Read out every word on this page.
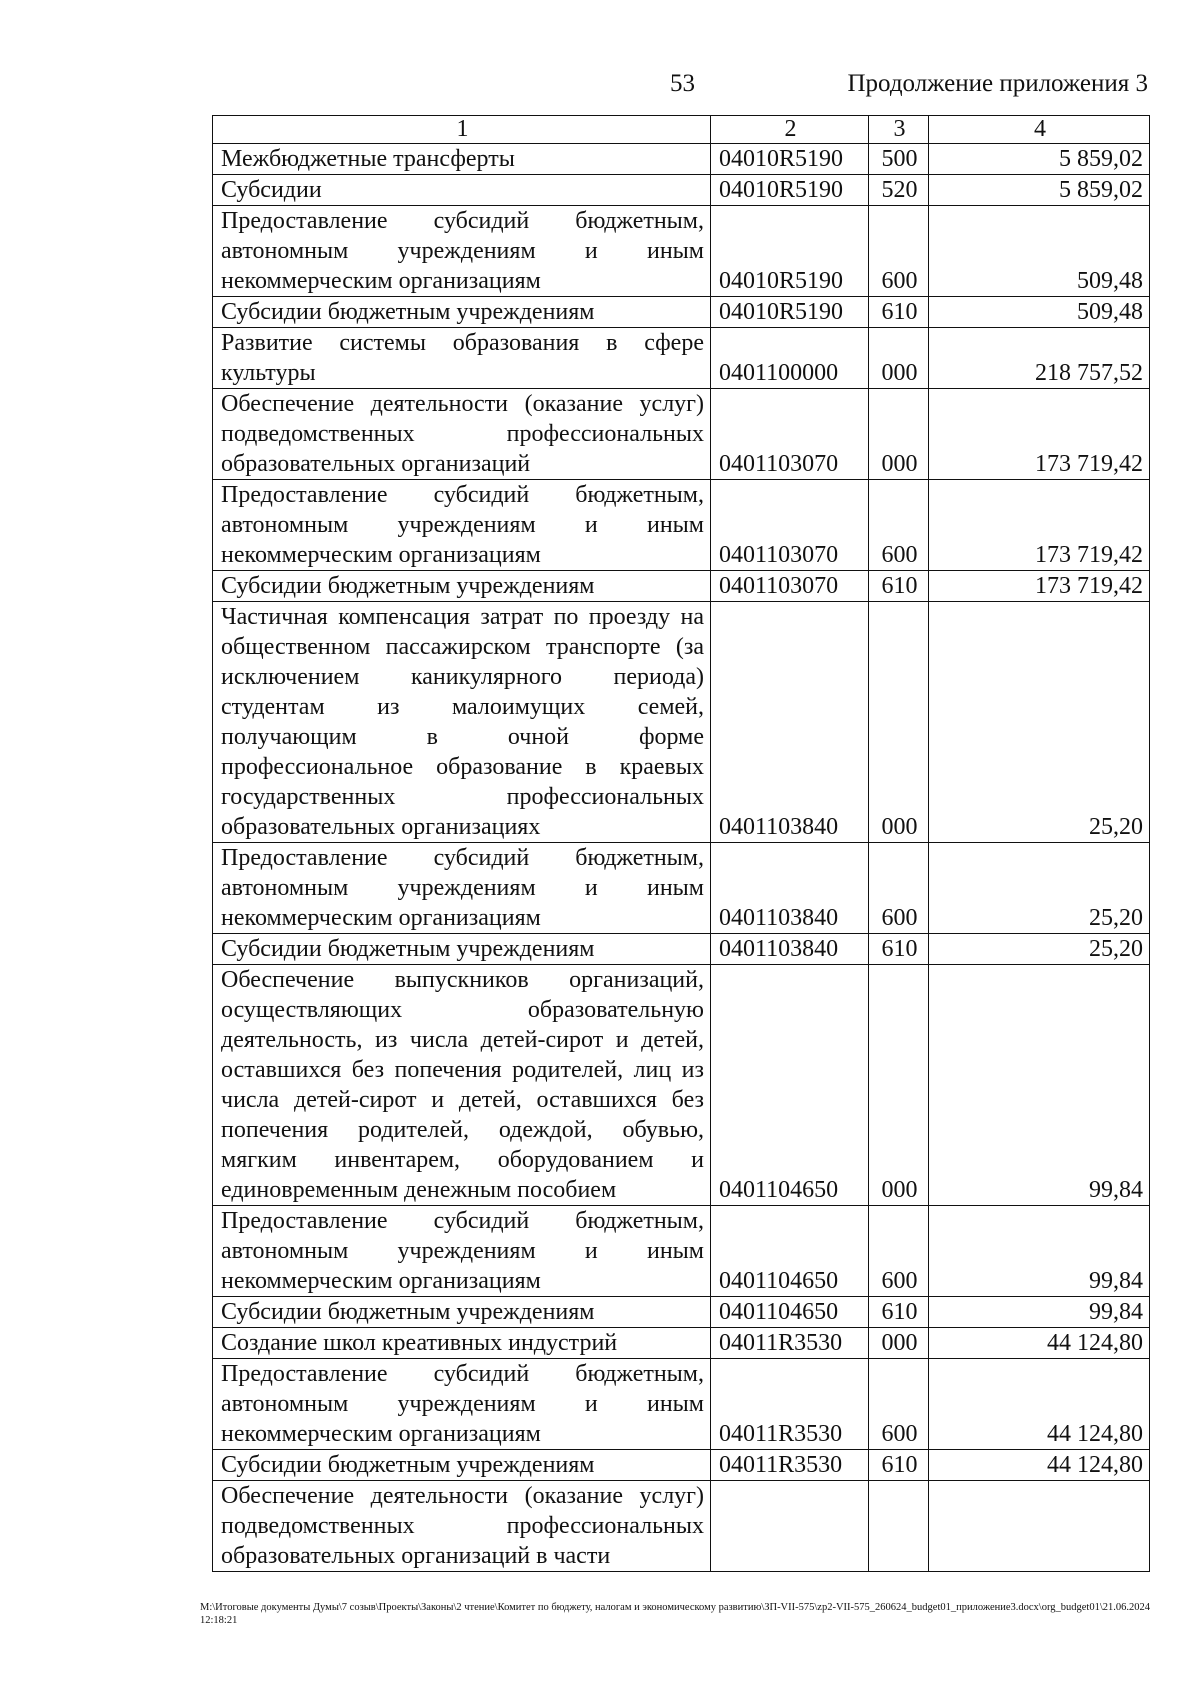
53	Продолжение приложения 3
1	2	3	4
Межбюджетные трансферты	04010R5190	500	5 859,02
Субсидии	04010R5190	520	5 859,02
Предоставление субсидий бюджетным, автономным учреждениям и иным некоммерческим организациям	04010R5190	600	509,48
Субсидии бюджетным учреждениям	04010R5190	610	509,48
Развитие системы образования в сфере культуры	0401100000	000	218 757,52
Обеспечение деятельности (оказание услуг) подведомственных профессиональных образовательных организаций	0401103070	000	173 719,42
Предоставление субсидий бюджетным, автономным учреждениям и иным некоммерческим организациям	0401103070	600	173 719,42
Субсидии бюджетным учреждениям	0401103070	610	173 719,42
Частичная компенсация затрат по проезду на общественном пассажирском транспорте (за исключением каникулярного периода) студентам из малоимущих семей, получающим в очной форме профессиональное образование в краевых государственных профессиональных образовательных организациях	0401103840	000	25,20
Предоставление субсидий бюджетным, автономным учреждениям и иным некоммерческим организациям	0401103840	600	25,20
Субсидии бюджетным учреждениям	0401103840	610	25,20
Обеспечение выпускников организаций, осуществляющих образовательную деятельность, из числа детей-сирот и детей, оставшихся без попечения родителей, лиц из числа детей-сирот и детей, оставшихся без попечения родителей, одеждой, обувью, мягким инвентарем, оборудованием и единовременным денежным пособием	0401104650	000	99,84
Предоставление субсидий бюджетным, автономным учреждениям и иным некоммерческим организациям	0401104650	600	99,84
Субсидии бюджетным учреждениям	0401104650	610	99,84
Создание школ креативных индустрий	04011R3530	000	44 124,80
Предоставление субсидий бюджетным, автономным учреждениям и иным некоммерческим организациям	04011R3530	600	44 124,80
Субсидии бюджетным учреждениям	04011R3530	610	44 124,80
Обеспечение деятельности (оказание услуг) подведомственных профессиональных образовательных организаций в части			
M:\Итоговые документы Думы\7 созыв\Проекты\Законы\2 чтение\Комитет по бюджету, налогам и экономическому развитию\ЗП-VII-575\zp2-VII-575_260624_budget01_приложение3.docx\org_budget01\21.06.2024 12:18:21
